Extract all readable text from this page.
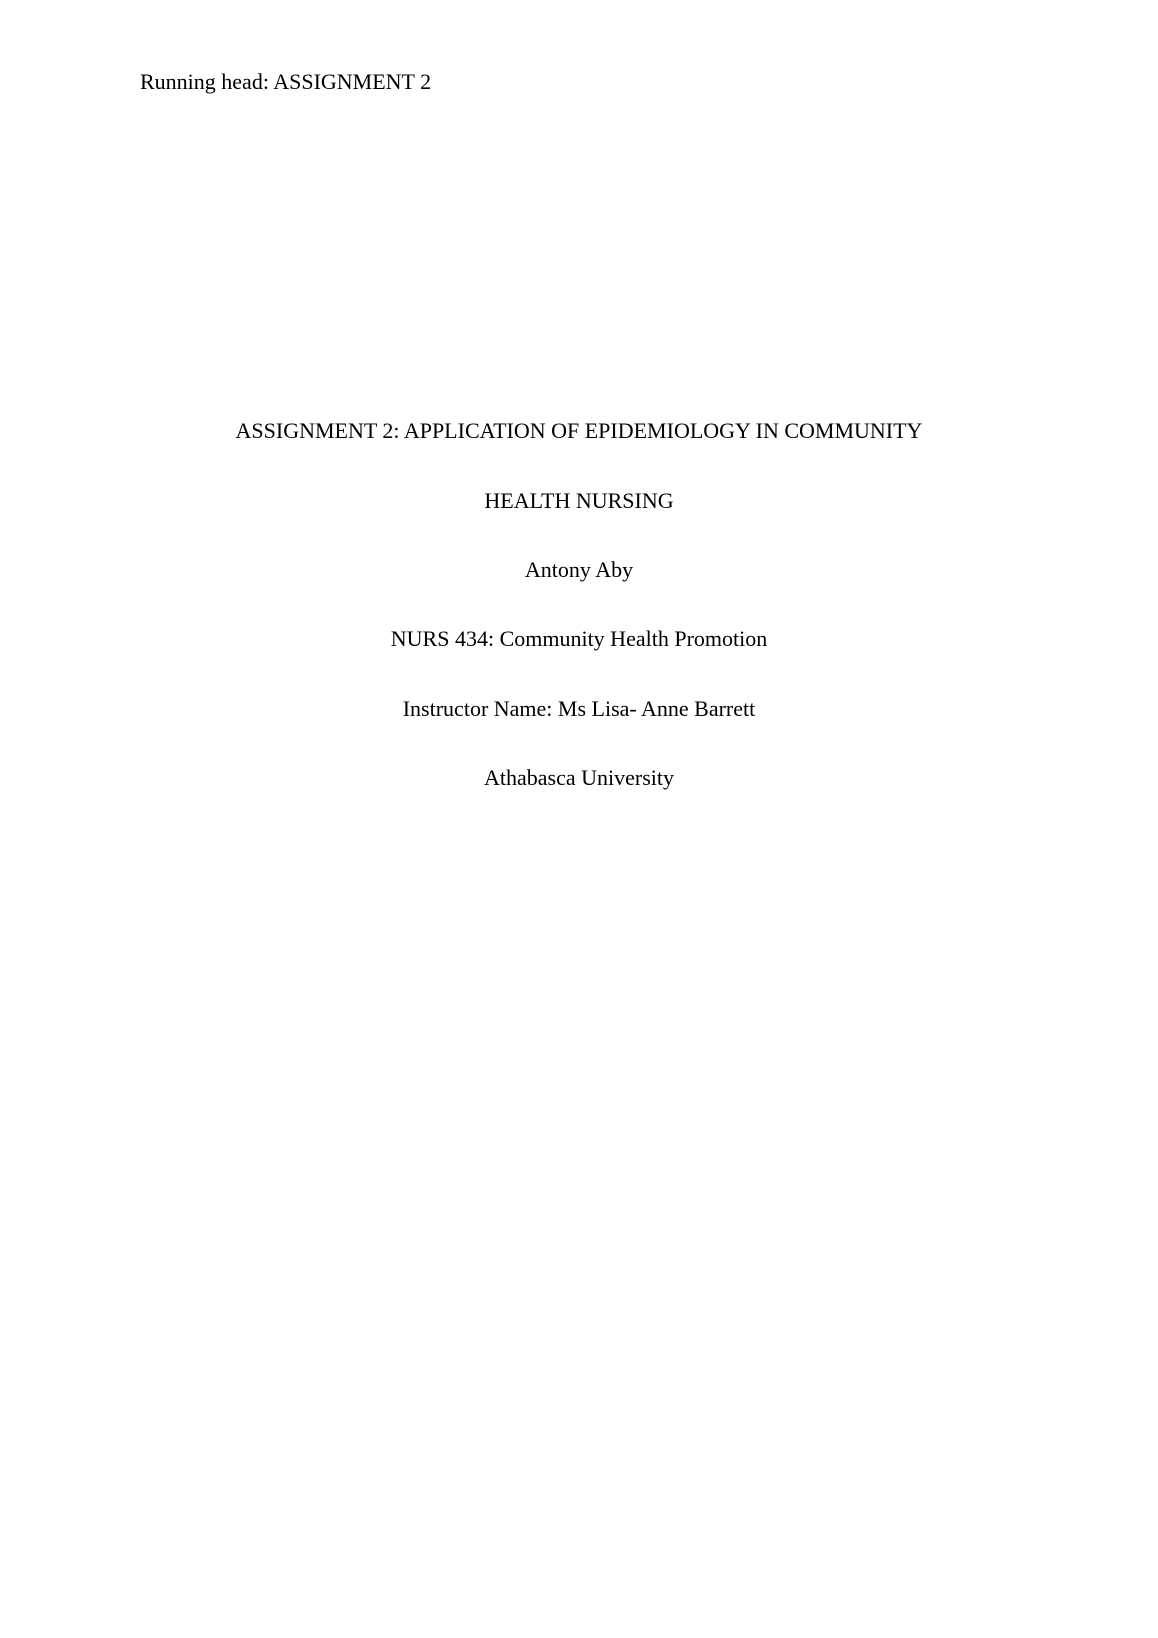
Running head: ASSIGNMENT 2
ASSIGNMENT 2: APPLICATION OF EPIDEMIOLOGY IN COMMUNITY
HEALTH NURSING
Antony Aby
NURS 434: Community Health Promotion
Instructor Name: Ms Lisa- Anne Barrett
Athabasca University
